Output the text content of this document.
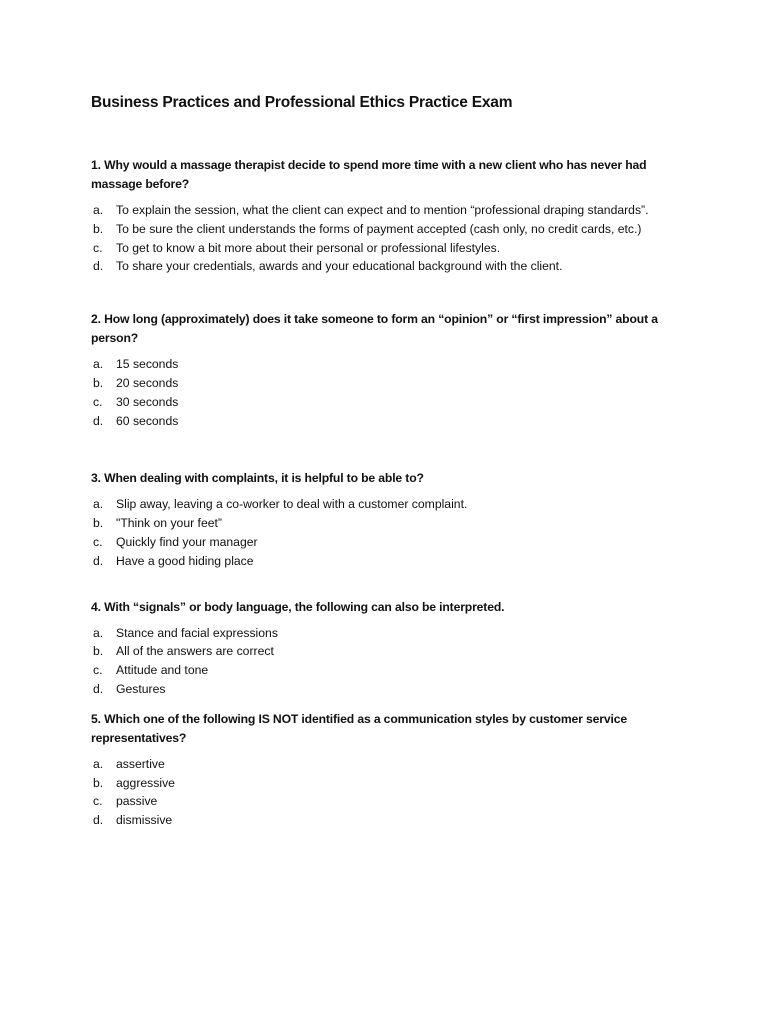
Business Practices and Professional Ethics Practice Exam

1. Why would a massage therapist decide to spend more time with a new client who has never had massage before?

a.	To explain the session, what the client can expect and to mention “professional draping standards”.
b.	To be sure the client understands the forms of payment accepted (cash only, no credit cards, etc.)
c.	To get to know a bit more about their personal or professional lifestyles.
d.	To share your credentials, awards and your educational background with the client.

2. How long (approximately) does it take someone to form an “opinion” or “first impression” about a person?

a.	15 seconds
b.	20 seconds
c.	30 seconds
d.	60 seconds

3. When dealing with complaints, it is helpful to be able to?

a.	Slip away, leaving a co-worker to deal with a customer complaint.
b.	"Think on your feet”
c.	Quickly find your manager
d.	Have a good hiding place

4. With “signals” or body language, the following can also be interpreted.

a.	Stance and facial expressions
b.	All of the answers are correct
c.	Attitude and tone
d.	Gestures

5. Which one of the following IS NOT identified as a communication styles by customer service representatives?

a.	assertive
b.	aggressive
c.	passive
d.	dismissive
